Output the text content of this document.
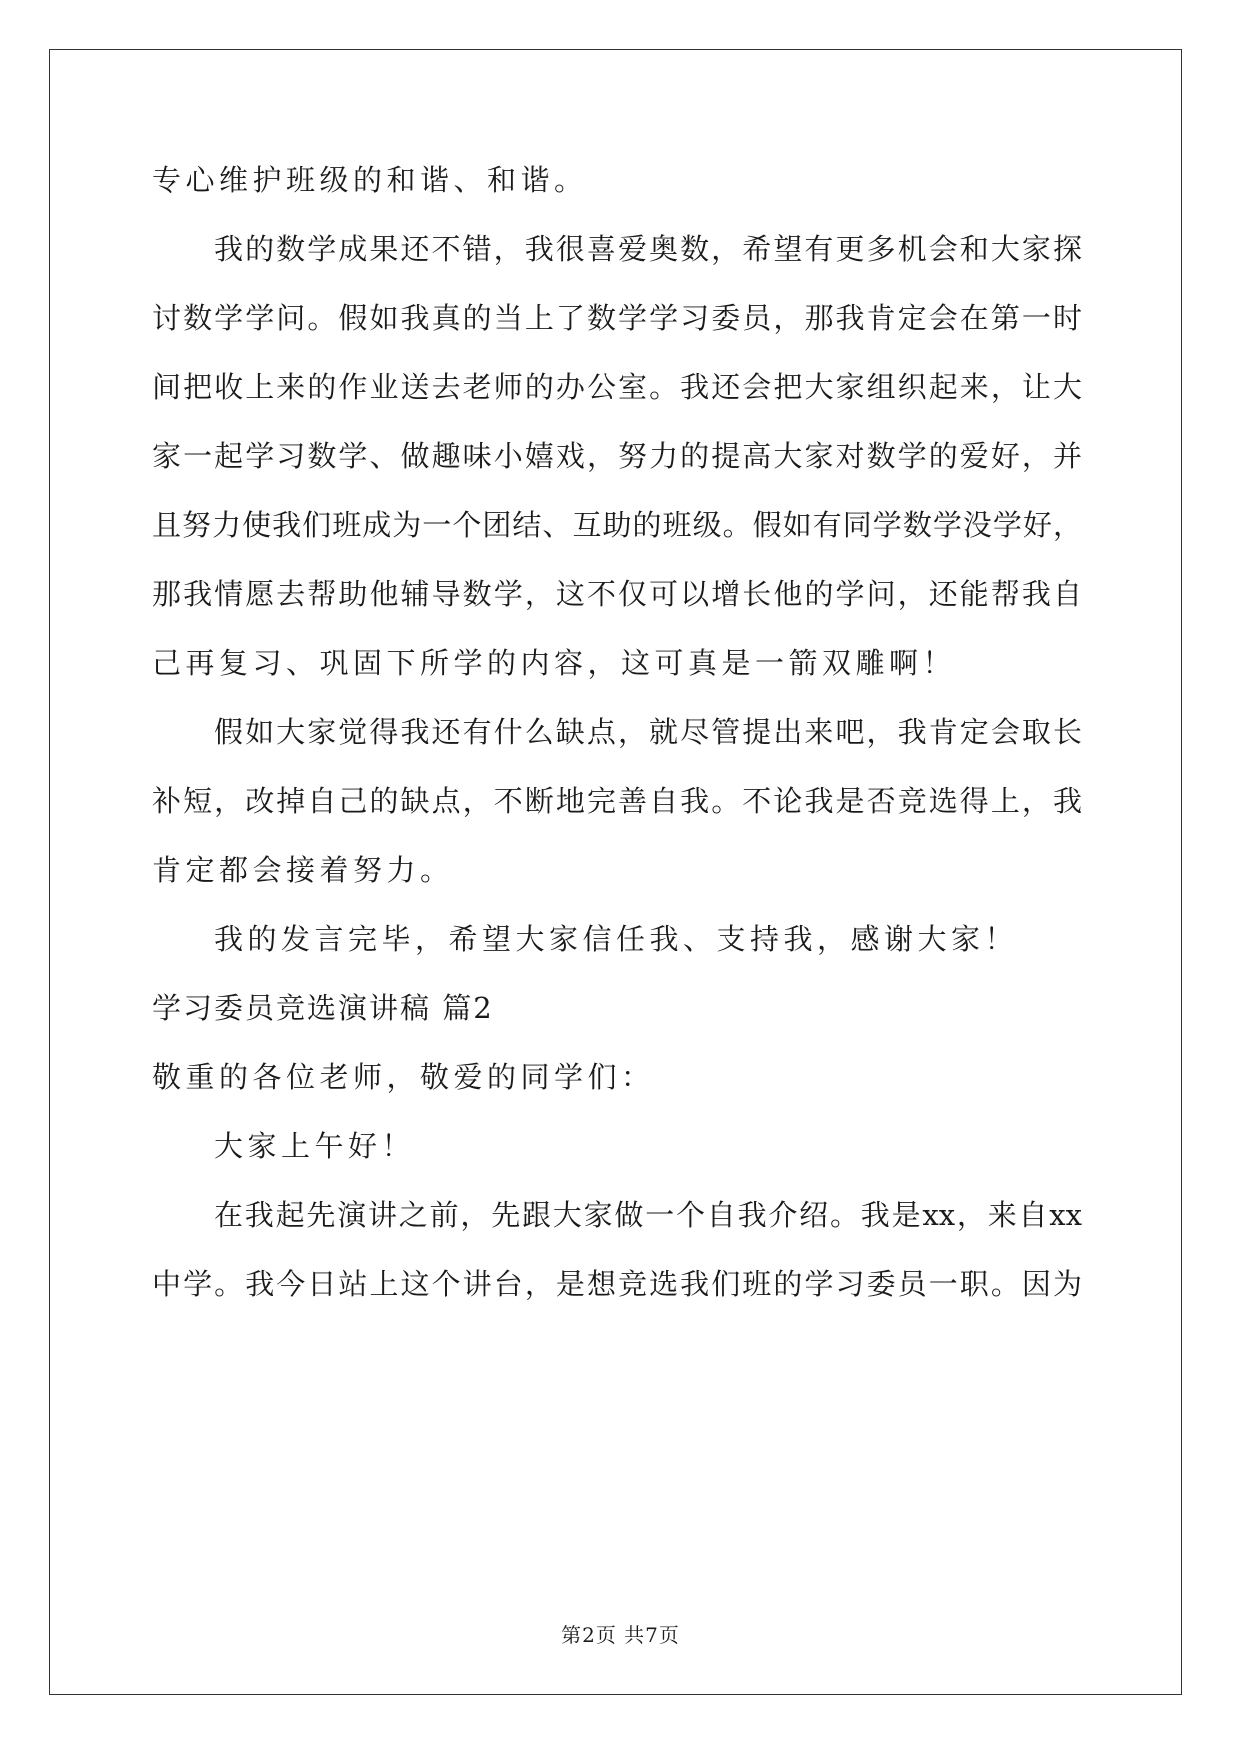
专心维护班级的和谐、和谐。
我的数学成果还不错，我很喜爱奥数，希望有更多机会和大家探
讨数学学问。假如我真的当上了数学学习委员，那我肯定会在第一时
间把收上来的作业送去老师的办公室。我还会把大家组织起来，让大
家一起学习数学、做趣味小嬉戏，努力的提高大家对数学的爱好，并
且努力使我们班成为一个团结、互助的班级。假如有同学数学没学好，
那我情愿去帮助他辅导数学，这不仅可以增长他的学问，还能帮我自
己再复习、巩固下所学的内容，这可真是一箭双雕啊！
假如大家觉得我还有什么缺点，就尽管提出来吧，我肯定会取长
补短，改掉自己的缺点，不断地完善自我。不论我是否竞选得上，我
肯定都会接着努力。
我的发言完毕，希望大家信任我、支持我，感谢大家！
学习委员竞选演讲稿 篇2
敬重的各位老师，敬爱的同学们：
大家上午好！
在我起先演讲之前，先跟大家做一个自我介绍。我是xx，来自xx
中学。我今日站上这个讲台，是想竞选我们班的学习委员一职。因为
第2页 共7页
